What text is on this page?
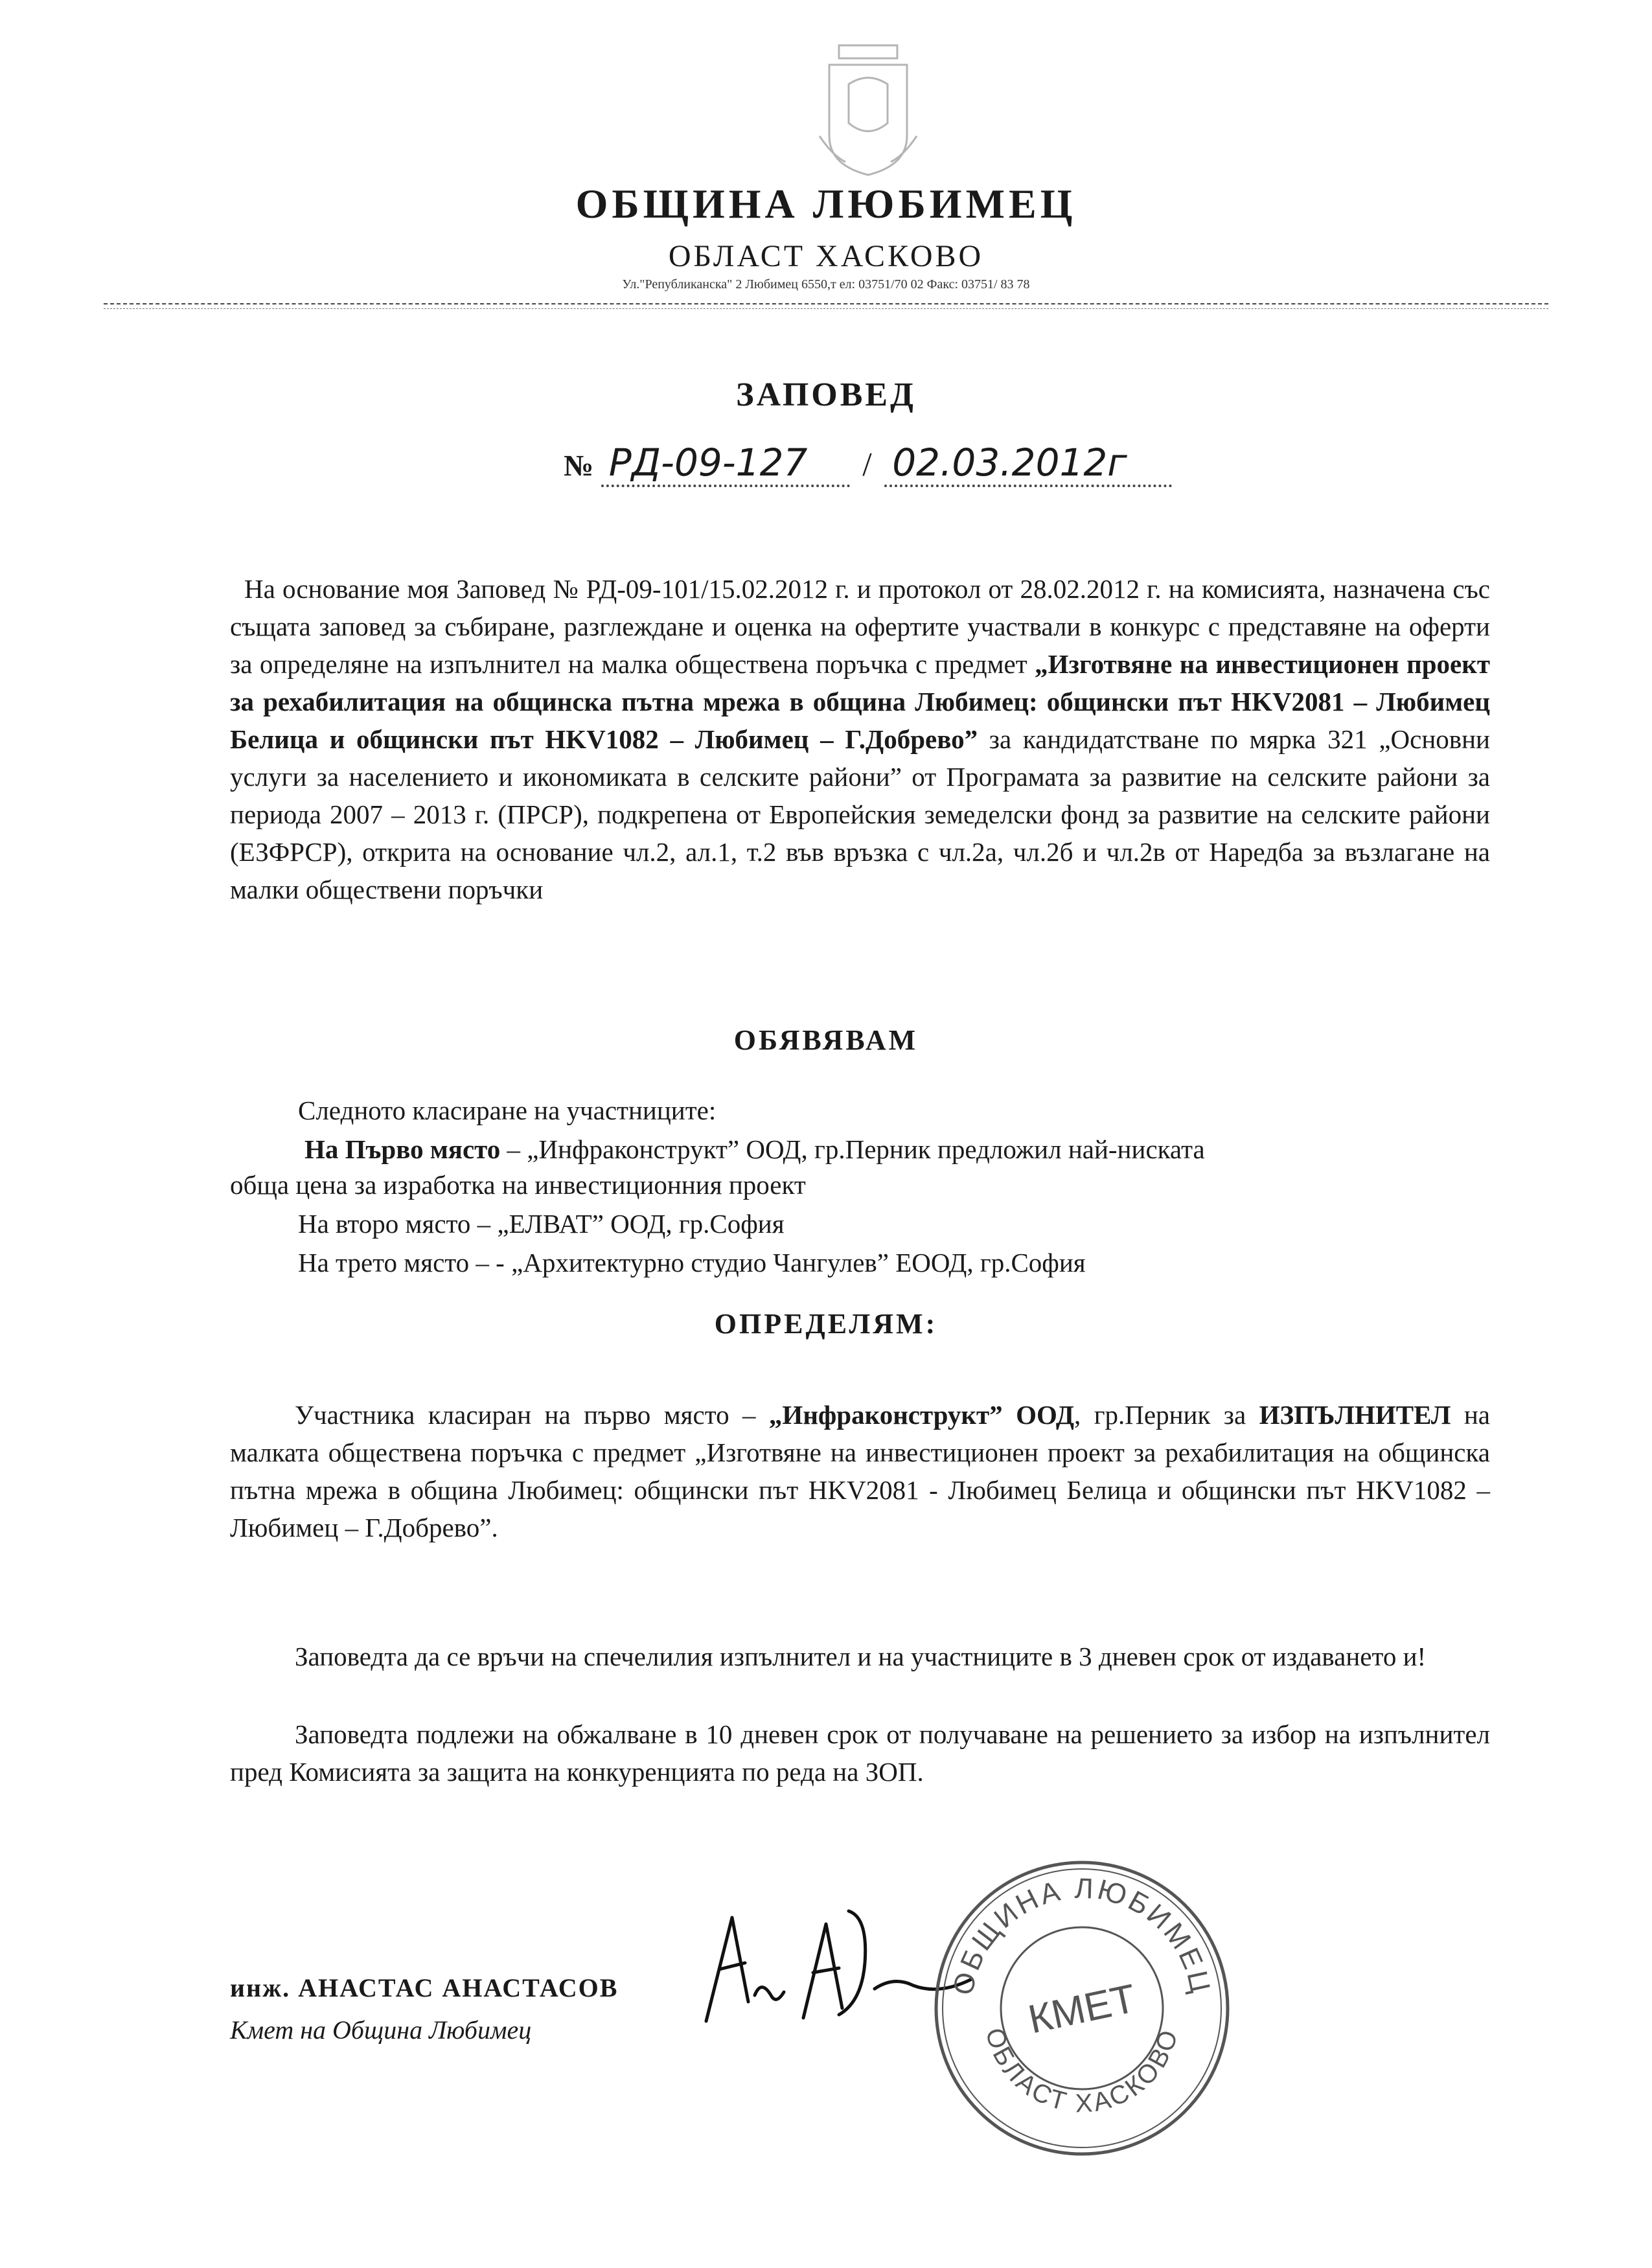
ОБЩИНА ЛЮБИМЕЦ
ОБЛАСТ ХАСКОВО
Ул."Републиканска" 2 Любимец 6550,т ел: 03751/70 02 Факс: 03751/ 83 78
ЗАПОВЕД
№ РД-09-127 / 02.03.2012г
На основание моя Заповед № РД-09-101/15.02.2012 г. и протокол от 28.02.2012 г. на комисията, назначена със същата заповед за събиране, разглеждане и оценка на офертите участвали в конкурс с представяне на оферти за определяне на изпълнител на малка обществена поръчка с предмет „Изготвяне на инвестиционен проект за рехабилитация на общинска пътна мрежа в община Любимец: общински път HKV2081 – Любимец Белица и общински път HKV1082 – Любимец – Г.Добрево” за кандидатстване по мярка 321 „Основни услуги за населението и икономиката в селските райони” от Програмата за развитие на селските райони за периода 2007 – 2013 г. (ПРСР), подкрепена от Европейския земеделски фонд за развитие на селските райони (ЕЗФРСР), открита на основание чл.2, ал.1, т.2 във връзка с чл.2а, чл.2б и чл.2в от Наредба за възлагане на малки обществени поръчки
ОБЯВЯВАМ
Следното класиране на участниците:
На Първо място – „Инфраконструкт” ООД, гр.Перник предложил най-ниската
обща цена за изработка на инвестиционния проект
На второ място – „ЕЛВАТ” ООД, гр.София
На трето място – - „Архитектурно студио Чангулев” ЕООД, гр.София
ОПРЕДЕЛЯМ:
Участника класиран на първо място – „Инфраконструкт” ООД, гр.Перник за ИЗПЪЛНИТЕЛ на малката обществена поръчка с предмет „Изготвяне на инвестиционен проект за рехабилитация на общинска пътна мрежа в община Любимец: общински път HKV2081 - Любимец Белица и общински път HKV1082 – Любимец – Г.Добрево”.
Заповедта да се връчи на спечелилия изпълнител и на участниците в 3 дневен срок от издаването и!
Заповедта подлежи на обжалване в 10 дневен срок от получаване на решението за избор на изпълнител пред Комисията за защита на конкуренцията по реда на ЗОП.
инж. АНАСТАС АНАСТАСОВ
Кмет на Община Любимец
ОБЩИНА ЛЮБИМЕЦ
ОБЛАСТ ХАСКОВО
КМЕТ
